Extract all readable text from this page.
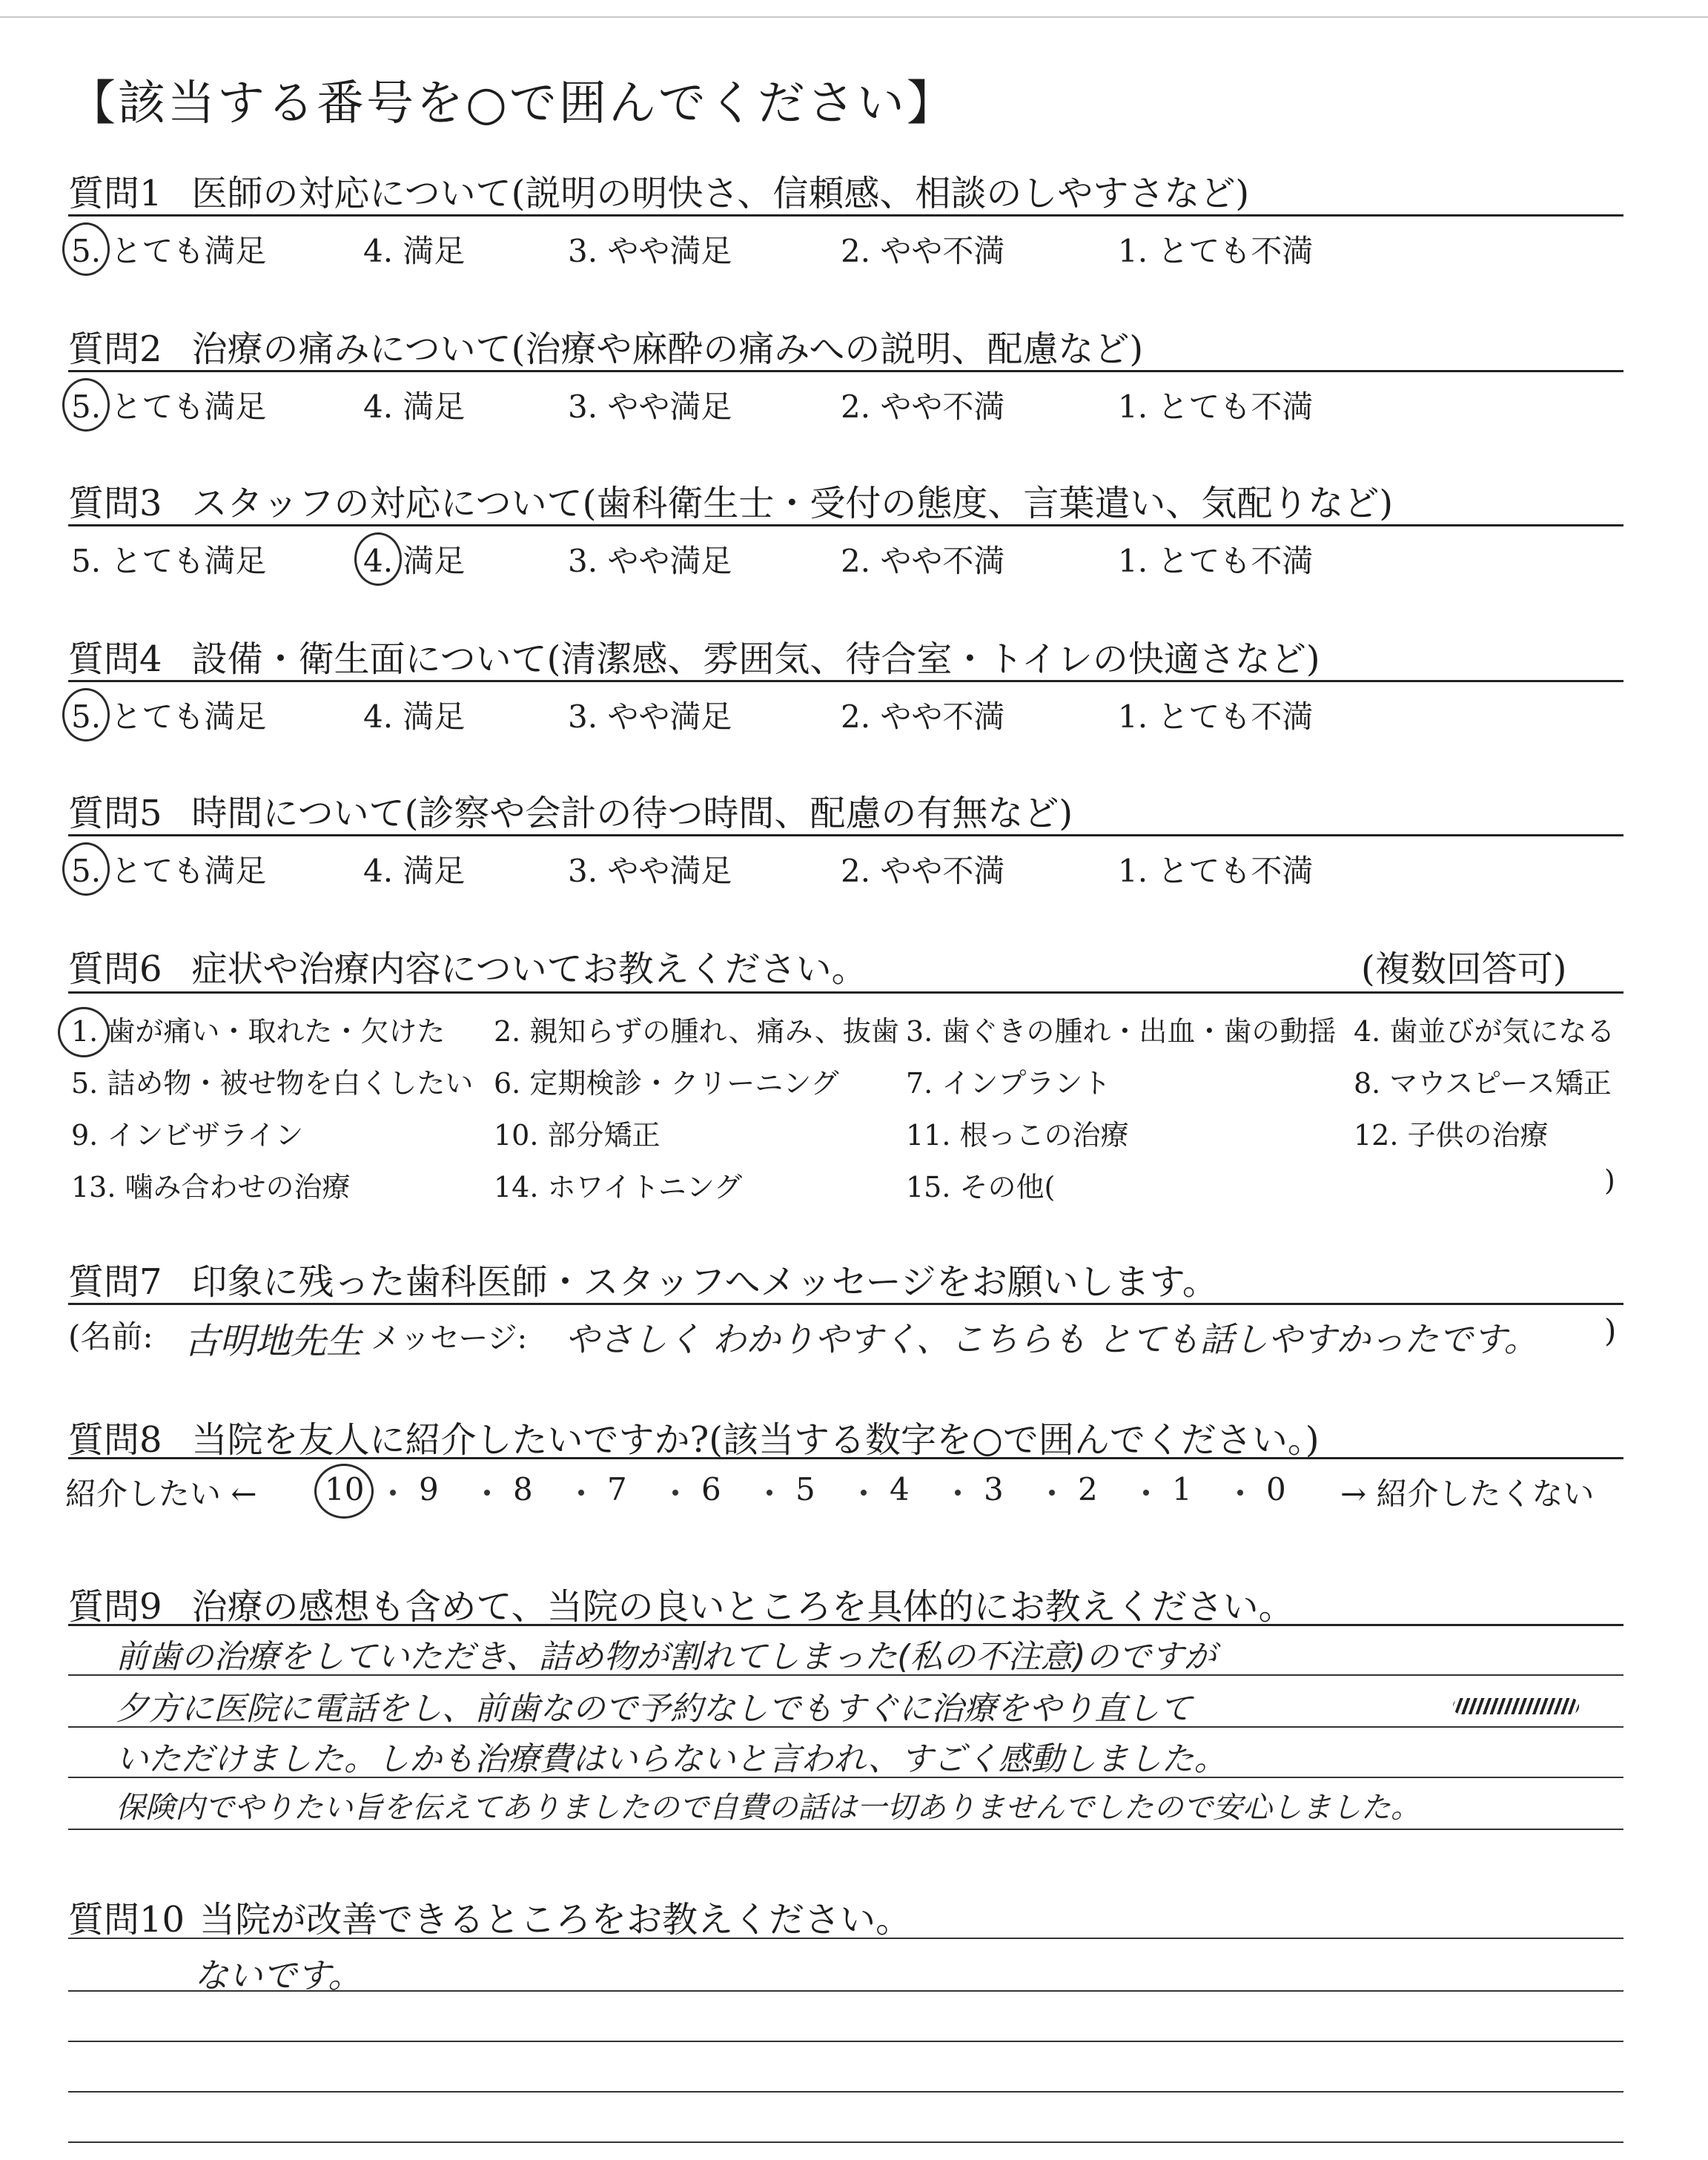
【該当する番号を○で囲んでください】
質問1 医師の対応について(説明の明快さ、信頼感、相談のしやすさなど)
5. とても満足	4. 満足	3. やや満足	2. やや不満	1. とても不満
質問2 治療の痛みについて(治療や麻酔の痛みへの説明、配慮など)
5. とても満足	4. 満足	3. やや満足	2. やや不満	1. とても不満
質問3 スタッフの対応について(歯科衛生士・受付の態度、言葉遣い、気配りなど)
5. とても満足	4. 満足	3. やや満足	2. やや不満	1. とても不満
質問4 設備・衛生面について(清潔感、雰囲気、待合室・トイレの快適さなど)
5. とても満足	4. 満足	3. やや満足	2. やや不満	1. とても不満
質問5 時間について(診察や会計の待つ時間、配慮の有無など)
5. とても満足	4. 満足	3. やや満足	2. やや不満	1. とても不満
質問6 症状や治療内容についてお教えください。	(複数回答可)
1. 歯が痛い・取れた・欠けた 2. 親知らずの腫れ、痛み、抜歯 3. 歯ぐきの腫れ・出血・歯の動揺 4. 歯並びが気になる
5. 詰め物・被せ物を白くしたい 6. 定期検診・クリーニング 7. インプラント	8. マウスピース矯正
9. インビザライン	10. 部分矯正	11. 根っこの治療	12. 子供の治療
13. 噛み合わせの治療	14. ホワイトニング	15. その他(	)
質問7 印象に残った歯科医師・スタッフへメッセージをお願いします。
(名前: 古明地先生 メッセージ: やさしく わかりやすく、こちらも とても話しやすかったです。 )
質問8 当院を友人に紹介したいですか?(該当する数字を○で囲んでください。)
紹介したい ← 10 9 8 7 6 5 4 3 2 1 0 → 紹介したくない
質問9 治療の感想も含めて、当院の良いところを具体的にお教えください。
前歯の治療をしていただき、詰め物が割れてしまった(私の不注意)のですが
夕方に医院に電話をし、前歯なので予約なしでもすぐに治療をやり直して
いただけました。しかも治療費はいらないと言われ、すごく感動しました。
保険内でやりたい旨を伝えてありましたので自費の話は一切ありませんでしたので安心しました。
質問10 当院が改善できるところをお教えください。
ないです。
